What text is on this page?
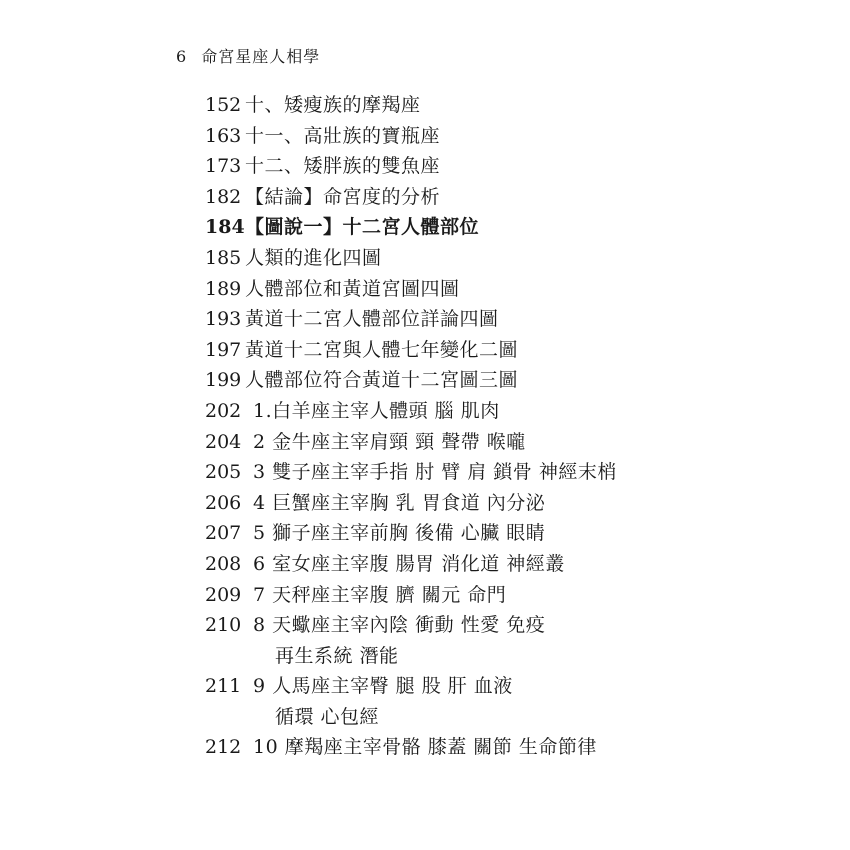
6 命宮星座人相學
152 十、矮瘦族的摩羯座
163 十一、高壯族的寶瓶座
173 十二、矮胖族的雙魚座
182 【結論】命宮度的分析
184 【圖說一】十二宮人體部位
185 人類的進化四圖
189 人體部位和黃道宮圖四圖
193 黃道十二宮人體部位詳論四圖
197 黃道十二宮與人體七年變化二圖
199 人體部位符合黃道十二宮圖三圖
202 1.白羊座主宰人體頭 腦 肌肉
204 2 金牛座主宰肩頸 頸 聲帶 喉嚨
205 3 雙子座主宰手指 肘 臂 肩 鎖骨 神經末梢
206 4 巨蟹座主宰胸 乳 胃食道 內分泌
207 5 獅子座主宰前胸 後備 心臟 眼睛
208 6 室女座主宰腹 腸胃 消化道 神經叢
209 7 天秤座主宰腹 臍 關元 命門
210 8 天蠍座主宰內陰 衝動 性愛 免疫
再生系統 潛能
211 9 人馬座主宰臀 腿 股 肝 血液
循環 心包經
212 10 摩羯座主宰骨骼 膝蓋 關節 生命節律
